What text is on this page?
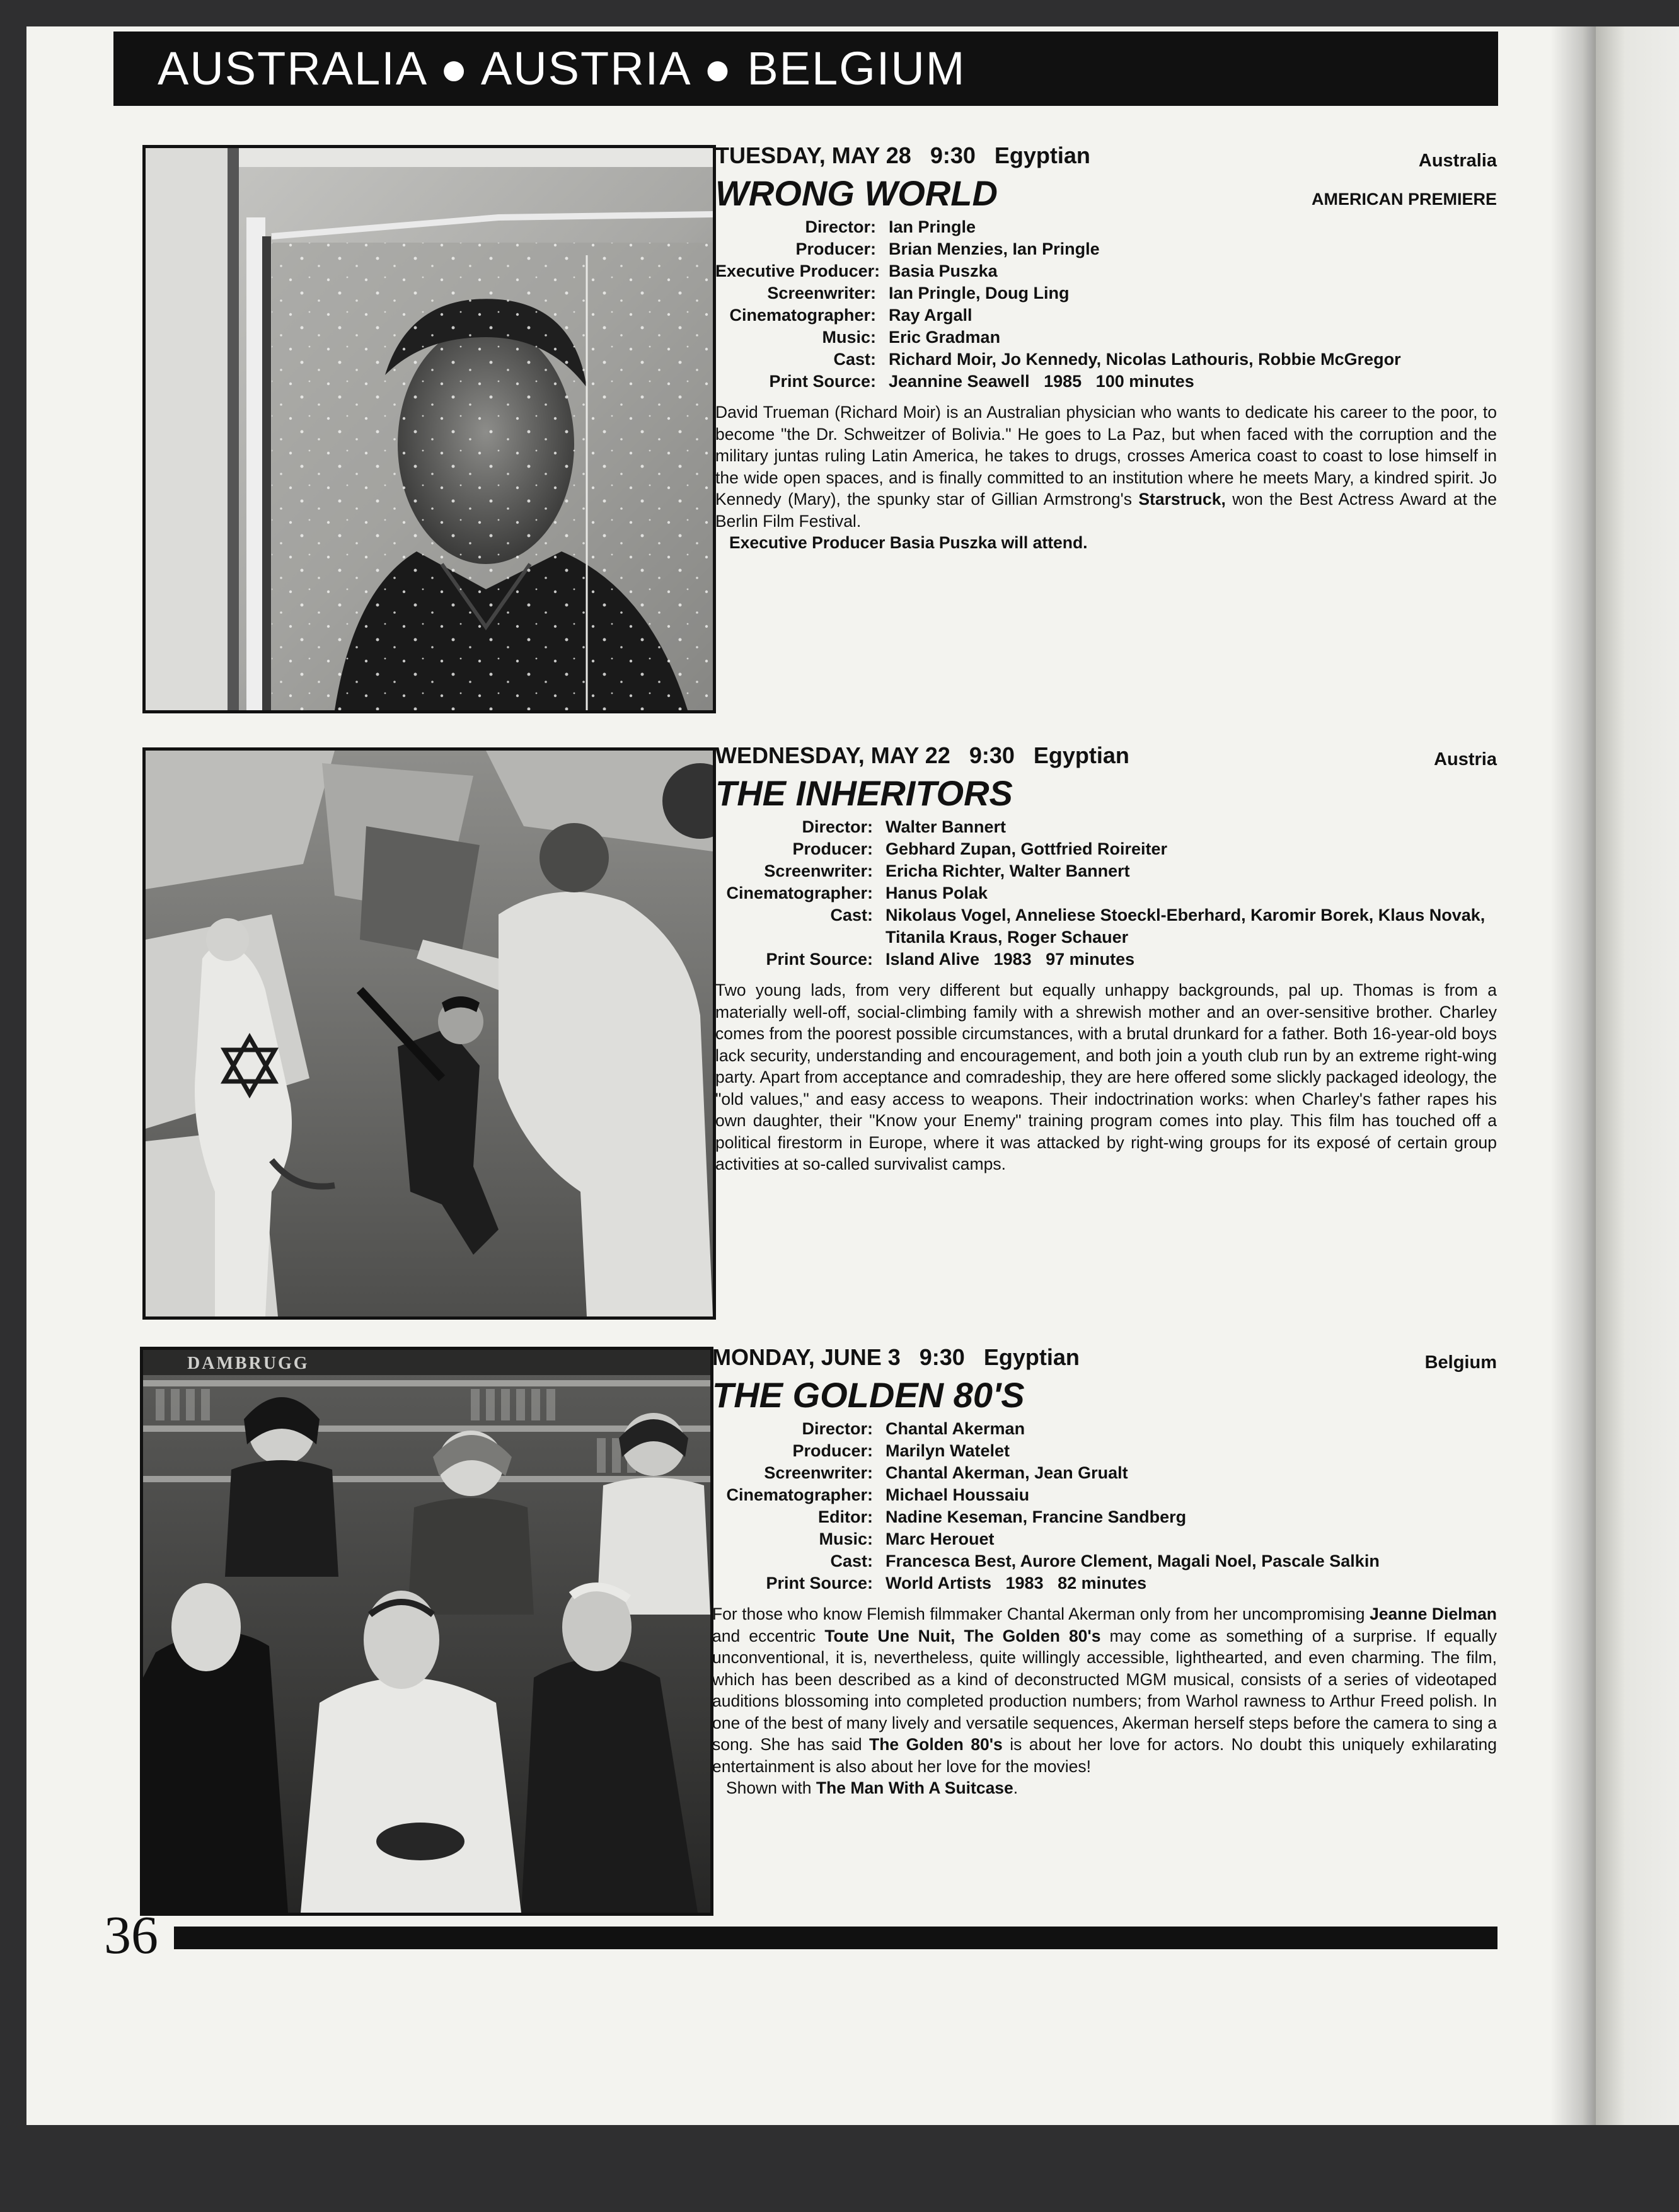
AUSTRALIA ● AUSTRIA ● BELGIUM
TUESDAY, MAY 28   9:30   Egyptian	Australia
AMERICAN PREMIERE
WRONG WORLD
Director: Ian Pringle
Producer: Brian Menzies, Ian Pringle
Executive Producer: Basia Puszka
Screenwriter: Ian Pringle, Doug Ling
Cinematographer: Ray Argall
Music: Eric Gradman
Cast: Richard Moir, Jo Kennedy, Nicolas Lathouris, Robbie McGregor
Print Source: Jeannine Seawell   1985   100 minutes
David Trueman (Richard Moir) is an Australian physician who wants to dedicate his career to the poor, to become "the Dr. Schweitzer of Bolivia." He goes to La Paz, but when faced with the corruption and the military juntas ruling Latin America, he takes to drugs, crosses America coast to coast to lose himself in the wide open spaces, and is finally committed to an institution where he meets Mary, a kindred spirit. Jo Kennedy (Mary), the spunky star of Gillian Armstrong's Starstruck, won the Best Actress Award at the Berlin Film Festival.
Executive Producer Basia Puszka will attend.
WEDNESDAY, MAY 22   9:30   Egyptian	Austria
THE INHERITORS
Director: Walter Bannert
Producer: Gebhard Zupan, Gottfried Roireiter
Screenwriter: Ericha Richter, Walter Bannert
Cinematographer: Hanus Polak
Cast: Nikolaus Vogel, Anneliese Stoeckl-Eberhard, Karomir Borek, Klaus Novak, Titanila Kraus, Roger Schauer
Print Source: Island Alive   1983   97 minutes
Two young lads, from very different but equally unhappy backgrounds, pal up. Thomas is from a materially well-off, social-climbing family with a shrewish mother and an over-sensitive brother. Charley comes from the poorest possible circumstances, with a brutal drunkard for a father. Both 16-year-old boys lack security, understanding and encouragement, and both join a youth club run by an extreme right-wing party. Apart from acceptance and comradeship, they are here offered some slickly packaged ideology, the "old values," and easy access to weapons. Their indoctrination works: when Charley's father rapes his own daughter, their "Know your Enemy" training program comes into play. This film has touched off a political firestorm in Europe, where it was attacked by right-wing groups for its exposé of certain group activities at so-called survivalist camps.
DAMBRUGG	MONDAY, JUNE 3   9:30   Egyptian	Belgium
THE GOLDEN 80'S
Director: Chantal Akerman
Producer: Marilyn Watelet
Screenwriter: Chantal Akerman, Jean Grualt
Cinematographer: Michael Houssaiu
Editor: Nadine Keseman, Francine Sandberg
Music: Marc Herouet
Cast: Francesca Best, Aurore Clement, Magali Noel, Pascale Salkin
Print Source: World Artists   1983   82 minutes
For those who know Flemish filmmaker Chantal Akerman only from her uncompromising Jeanne Dielman and eccentric Toute Une Nuit, The Golden 80's may come as something of a surprise. If equally unconventional, it is, nevertheless, quite willingly accessible, lighthearted, and even charming. The film, which has been described as a kind of deconstructed MGM musical, consists of a series of videotaped auditions blossoming into completed production numbers; from Warhol rawness to Arthur Freed polish. In one of the best of many lively and versatile sequences, Akerman herself steps before the camera to sing a song. She has said The Golden 80's is about her love for actors. No doubt this uniquely exhilarating entertainment is also about her love for the movies!
Shown with The Man With A Suitcase.
36
